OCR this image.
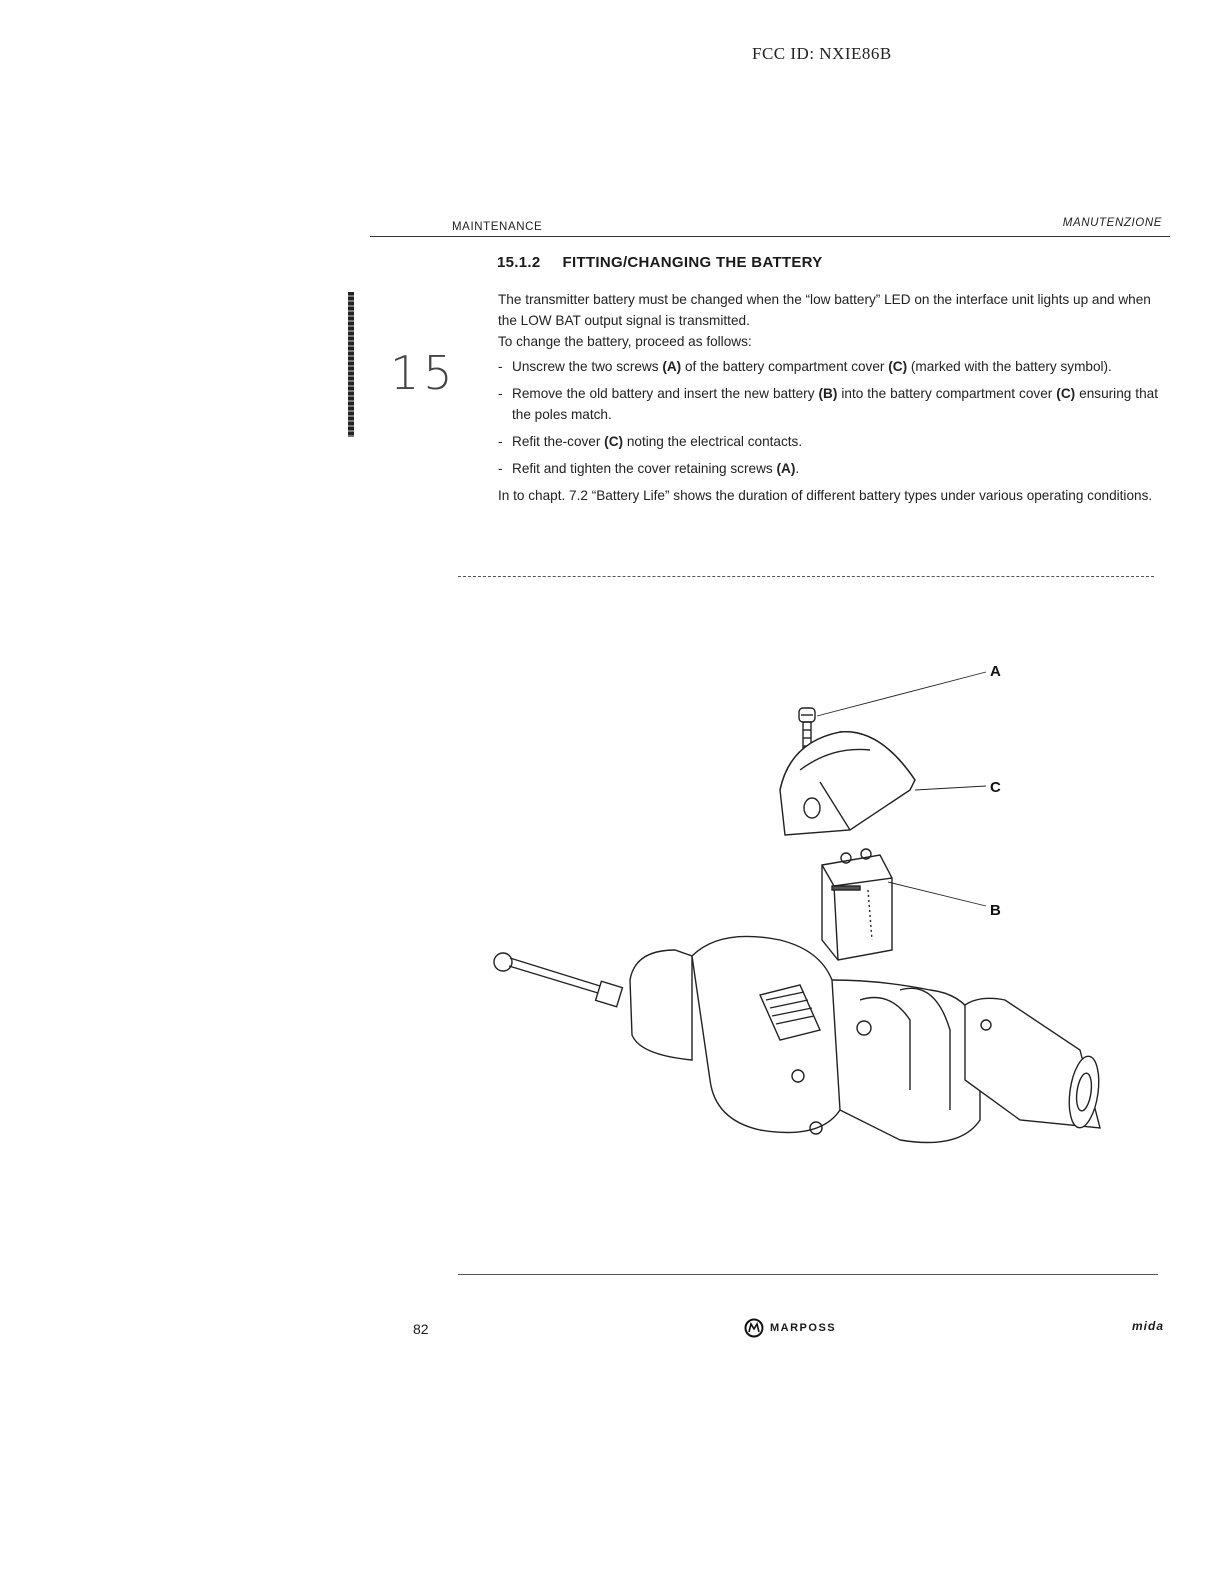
FCC ID: NXIE86B
MAINTENANCE	MANUTENZIONE
15
15.1.2 FITTING/CHANGING THE BATTERY

The transmitter battery must be changed when the “low battery” LED on the interface unit lights up and when the LOW BAT output signal is transmitted.

To change the battery, proceed as follows:

- Unscrew the two screws (A) of the battery compartment cover (C) (marked with the battery symbol).
- Remove the old battery and insert the new battery (B) into the battery compartment cover (C) ensuring that the poles match.
- Refit the-cover (C) noting the electrical contacts.
- Refit and tighten the cover retaining screws (A).

In to chapt. 7.2 “Battery Life” shows the duration of different battery types under various operating conditions.

A
C
B
82	MARPOSS	mida
